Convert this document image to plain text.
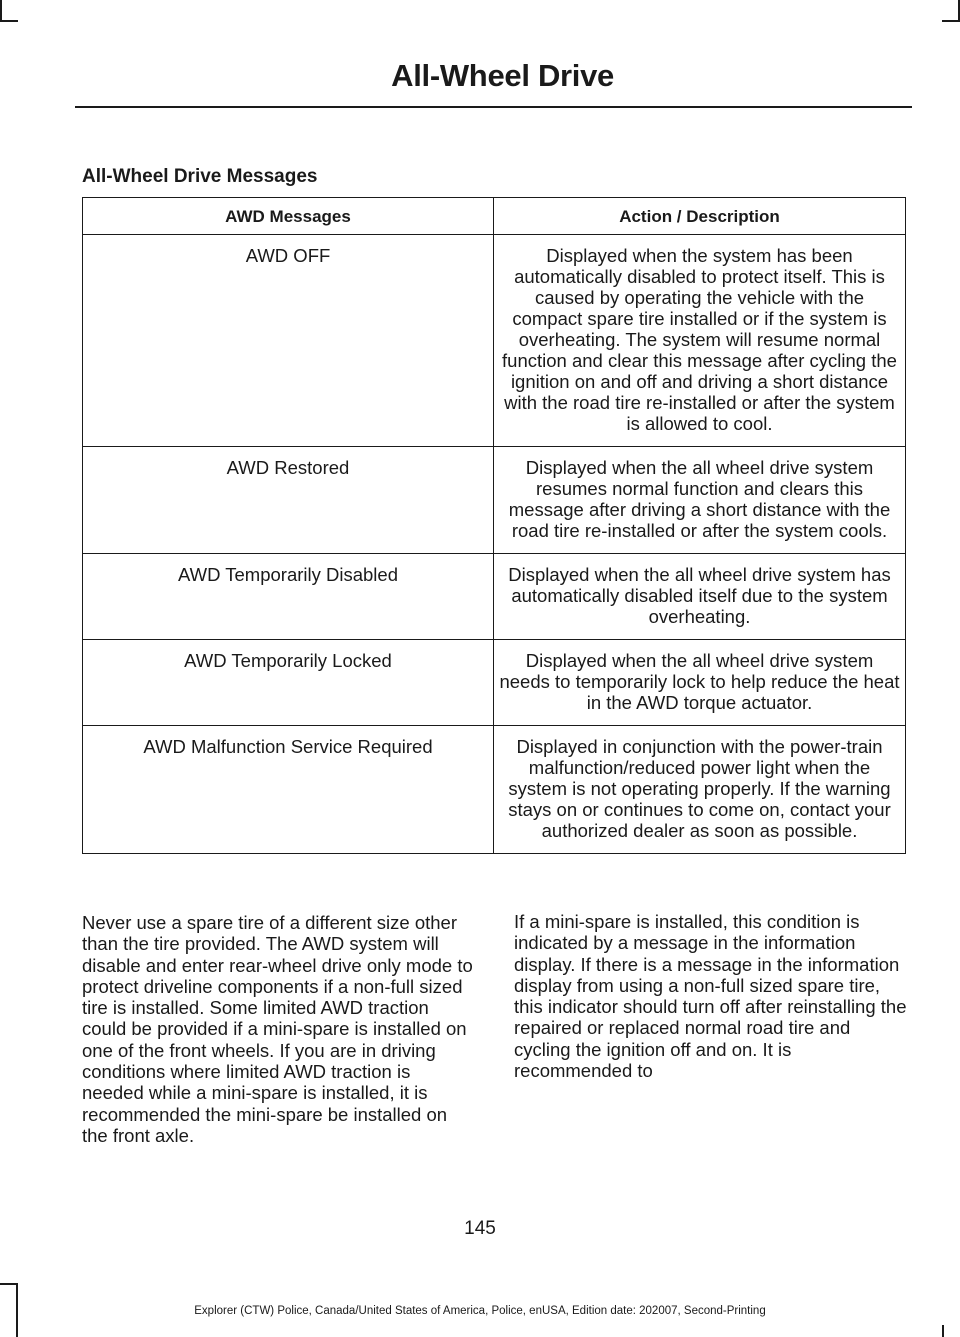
All-Wheel Drive
All-Wheel Drive Messages
AWD Messages	Action / Description
AWD OFF	Displayed when the system has been automatically disabled to protect itself. This is caused by operating the vehicle with the compact spare tire installed or if the system is overheating. The system will resume normal function and clear this message after cycling the ignition on and off and driving a short distance with the road tire re-installed or after the system is allowed to cool.
AWD Restored	Displayed when the all wheel drive system resumes normal function and clears this message after driving a short distance with the road tire re-installed or after the system cools.
AWD Temporarily Disabled	Displayed when the all wheel drive system has automatically disabled itself due to the system overheating.
AWD Temporarily Locked	Displayed when the all wheel drive system needs to temporarily lock to help reduce the heat in the AWD torque actuator.
AWD Malfunction Service Required	Displayed in conjunction with the power-train malfunction/reduced power light when the system is not operating properly. If the warning stays on or continues to come on, contact your authorized dealer as soon as possible.
Never use a spare tire of a different size other than the tire provided. The AWD system will disable and enter rear-wheel drive only mode to protect driveline components if a non-full sized tire is installed. Some limited AWD traction could be provided if a mini-spare is installed on one of the front wheels. If you are in driving conditions where limited AWD traction is needed while a mini-spare is installed, it is recommended the mini-spare be installed on the front axle.
If a mini-spare is installed, this condition is indicated by a message in the information display. If there is a message in the information display from using a non-full sized spare tire, this indicator should turn off after reinstalling the repaired or replaced normal road tire and cycling the ignition off and on. It is recommended to
145
Explorer (CTW) Police, Canada/United States of America, Police, enUSA, Edition date: 202007, Second-Printing
